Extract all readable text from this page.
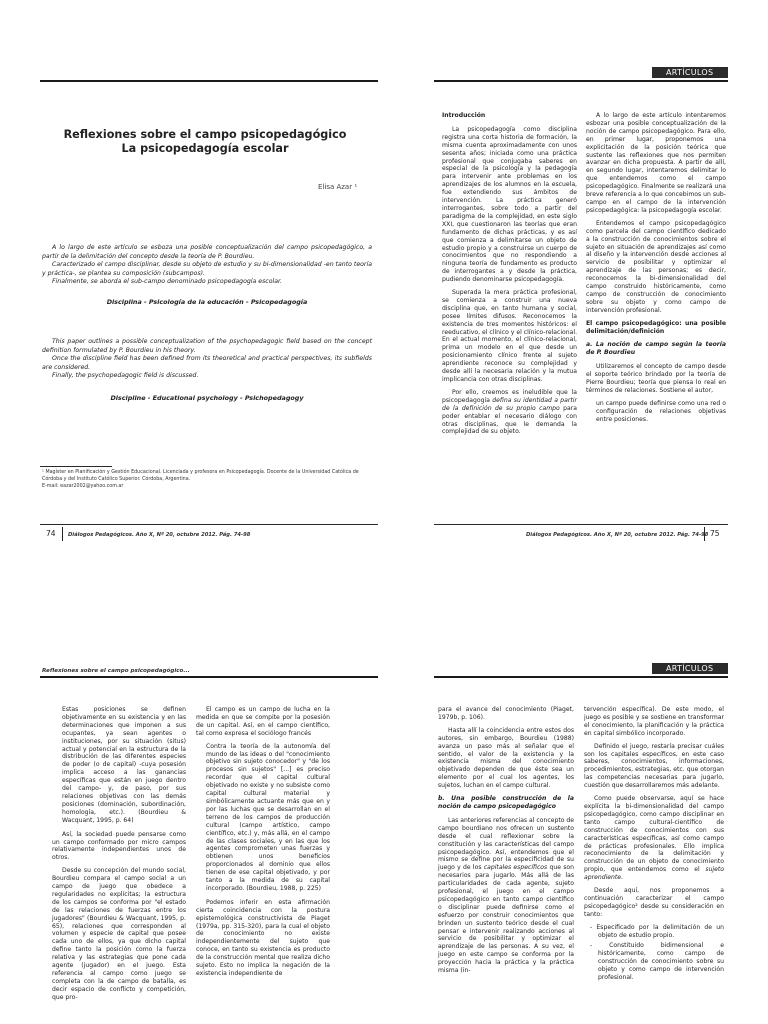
Reflexiones sobre el campo psicopedagógico
La psicopedagogía escolar
Elisa Azar ¹

A lo largo de este artículo se esboza una posible conceptualización del campo psicopedagógico, a partir de la delimitación del concepto desde la teoría de P. Bourdieu.

Caracterizado el campo disciplinar, desde su objeto de estudio y su bi-dimensionalidad -en tanto teoría y práctica-, se plantea su composición (subcampos).

Finalmente, se aborda el sub-campo denominado psicopedagogía escolar.

Disciplina - Psicología de la educación - Psicopedagogía

This paper outlines a possible conceptualization of the psychopedagogic field based on the concept definition formulated by P. Bourdieu in his theory.

Once the discipline field has been defined from its theoretical and practical perspectives, its subfields are considered.

Finally, the psychopedagogic field is discussed.

Discipline - Educational psychology - Psichopedagogy
¹ Magíster en Planificación y Gestión Educacional. Licenciada y profesora en Psicopedagogía. Docente de la Universidad Católica de Córdoba y del Instituto Católico Superior. Córdoba, Argentina.
E-mail: eazar2002@yahoo.com.ar
74 Diálogos Pedagógicos. Año X, Nº 20, octubre 2012. Pág. 74-98
ARTÍCULOS

Introducción

La psicopedagogía como disciplina registra una corta historia de formación, la misma cuenta aproximadamente con unos sesenta años; iniciada como una práctica profesional que conjugaba saberes en especial de la psicología y la pedagogía para intervenir ante problemas en los aprendizajes de los alumnos en la escuela, fue extendiendo sus ámbitos de intervención. La práctica generó interrogantes, sobre todo a partir del paradigma de la complejidad, en este siglo XXI, que cuestionaron las teorías que eran fundamento de dichas prácticas, y es así que comienza a delimitarse un objeto de estudio propio y a construirse un cuerpo de conocimientos que no respondiendo a ninguna teoría de fundamento es producto de interrogantes a y desde la práctica, pudiendo denominarse psicopedagogía.

Superada la mera práctica profesional, se comienza a construir una nueva disciplina que, en tanto humana y social, posee límites difusos. Reconocemos la existencia de tres momentos históricos: el reeducativo, el clínico y el clínico-relacional. En el actual momento, el clínico-relacional, prima un modelo en el que desde un posicionamiento clínico frente al sujeto aprendiente reconoce su complejidad y desde allí la necesaria relación y la mutua implicancia con otras disciplinas.

Por ello, creemos es ineludible que la psicopedagogía defina su identidad a partir de la definición de su propio campo para poder entablar el necesario diálogo con otras disciplinas, que le demanda la complejidad de su objeto.

A lo largo de este artículo intentaremos esbozar una posible conceptualización de la noción de campo psicopedagógico. Para ello, en primer lugar, proponemos una explicitación de la posición teórica que sustente las reflexiones que nos permiten avanzar en dicha propuesta. A partir de allí, en segundo lugar, intentaremos delimitar lo que entendemos como el campo psicopedagógico. Finalmente se realizará una breve referencia a lo que concebimos un sub-campo en el campo de la intervención psicopedagógica: la psicopedagogía escolar.

Entendemos el campo psicopedagógico como parcela del campo científico dedicado a la construcción de conocimientos sobre el sujeto en situación de aprendizajes así como al diseño y la intervención desde acciones al servicio de posibilitar y optimizar el aprendizaje de las personas; es decir, reconocemos la bi-dimensionalidad del campo construido históricamente, como campo de construcción de conocimiento sobre su objeto y como campo de intervención profesional.

El campo psicopedagógico: una posible delimitación/definición

a. La noción de campo según la teoría de P. Bourdieu

Utilizaremos el concepto de campo desde el soporte teórico brindado por la teoría de Pierre Bourdieu; teoría que piensa lo real en términos de relaciones. Sostiene el autor,

un campo puede definirse como una red o configuración de relaciones objetivas entre posiciones.

Diálogos Pedagógicos. Año X, Nº 20, octubre 2012. Pág. 74-98 75
Reflexiones sobre el campo psicopedagógico...

Estas posiciones se definen objetivamente en su existencia y en las determinaciones que imponen a sus ocupantes, ya sean agentes o instituciones, por su situación (situs) actual y potencial en la estructura de la distribución de las diferentes especies de poder (o de capital) -cuya posesión implica acceso a las ganancias específicas que están en juego dentro del campo- y, de paso, por sus relaciones objetivas con las demás posiciones (dominación, subordinación, homología, etc.). (Bourdieu & Wacquant, 1995, p. 64)

Así, la sociedad puede pensarse como un campo conformado por micro campos relativamente independientes unos de otros.

Desde su concepción del mundo social, Bourdieu compara el campo social a un campo de juego que obedece a regularidades no explícitas; la estructura de los campos se conforma por "el estado de las relaciones de fuerzas entre los jugadores" (Bourdieu & Wacquant, 1995, p. 65), relaciones que corresponden al volumen y especie de capital que posee cada uno de ellos, ya que dicho capital define tanto la posición como la fuerza relativa y las estrategias que pone cada agente (jugador) en el juego. Esta referencia al campo como juego se completa con la de campo de batalla, es decir espacio de conflicto y competición, que pro-

El campo es un campo de lucha en la medida en que se compite por la posesión de un capital. Así, en el campo científico, tal como expresa el sociólogo francés

Contra la teoría de la autonomía del mundo de las ideas o del "conocimiento objetivo sin sujeto conocedor" y "de los procesos sin sujetos" [...] es preciso recordar que el capital cultural objetivado no existe y no subsiste como capital cultural material y simbólicamente actuante más que en y por las luchas que se desarrollan en el terreno de los campos de producción cultural (campo artístico, campo científico, etc.) y, más allá, en el campo de las clases sociales, y en las que los agentes comprometen unas fuerzas y obtienen unos beneficios proporcionados al dominio que ellos tienen de ese capital objetivado, y por tanto a la medida de su capital incorporado. (Bourdieu, 1988, p. 225)

Podemos inferir en esta afirmación cierta coincidencia con la postura epistemológica constructivista de Piaget (1979a, pp. 315-320), para la cual el objeto de conocimiento no existe independientemente del sujeto que conoce, en tanto su existencia es producto de la construcción mental que realiza dicho sujeto. Esto no implica la negación de la existencia independiente de

ARTÍCULOS

para el avance del conocimiento (Piaget, 1979b, p. 106).

Hasta allí la coincidencia entre estos dos autores, sin embargo, Bourdieu (1988) avanza un paso más al señalar que el sentido, el valor de la existencia y la existencia misma del conocimiento objetivado dependen de que éste sea un elemento por el cual los agentes, los sujetos, luchan en el campo cultural.

b. Una posible construcción de la noción de campo psicopedagógico

Las anteriores referencias al concepto de campo bourdiano nos ofrecen un sustento desde el cual reflexionar sobre la constitución y las características del campo psicopedagógico. Así, entendemos que el mismo se define por la especificidad de su juego y de los capitales específicos que son necesarios para jugarlo. Más allá de las particularidades de cada agente, sujeto profesional, el juego en el campo psicopedagógico en tanto campo científico o disciplinar puede definirse como el esfuerzo por construir conocimientos que brinden un sustento teórico desde el cual pensar e intervenir realizando acciones al servicio de posibilitar y optimizar el aprendizaje de las personas. A su vez, el juego en este campo se conforma por la proyección hacia la práctica y la práctica misma (in-

tervención específica). De este modo, el juego es posible y se sostiene en transformar el conocimiento, la planificación y la práctica en capital simbólico incorporado.

Definido el juego, restaría precisar cuáles son los capitales específicos, en este caso saberes, conocimientos, informaciones, procedimientos, estrategias, etc. que otorgan las competencias necesarias para jugarlo, cuestión que desarrollaremos más adelante.

Como puede observarse, aquí se hace explícita la bi-dimensionalidad del campo psicopedagógico, como campo disciplinar en tanto campo cultural-científico de construcción de conocimientos con sus características específicas, así como campo de prácticas profesionales. Ello implica reconocimiento de la delimitación y construcción de un objeto de conocimiento propio, que entendemos como el sujeto aprendiente.

Desde aquí, nos proponemos a continuación caracterizar el campo psicopedagógico² desde su consideración en tanto:

- Especificado por la delimitación de un objeto de estudio propio.

- Constituido bidimensional e históricamente, como campo de construcción de conocimiento sobre su objeto y como campo de intervención profesional.
